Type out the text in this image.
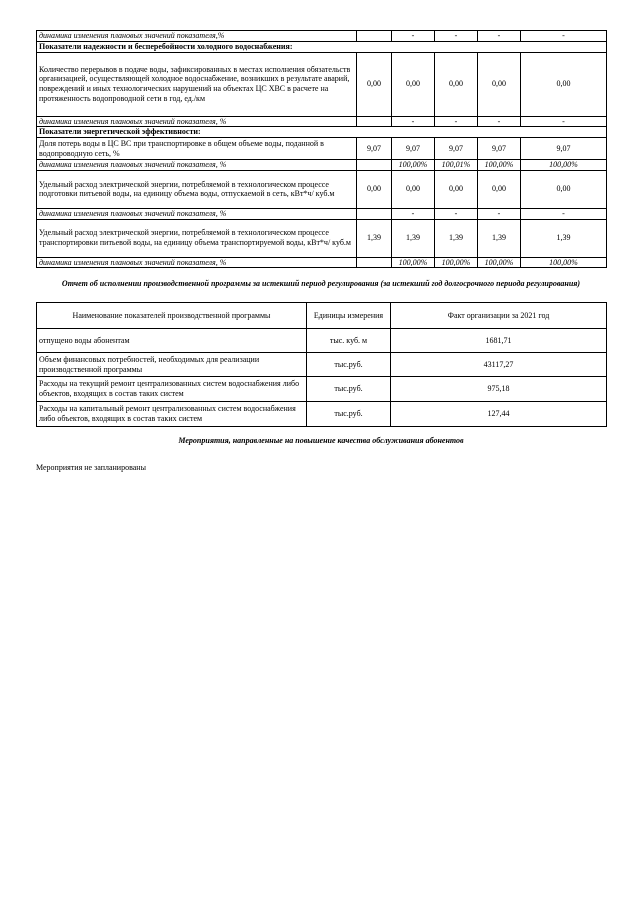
динамика изменения плановых значений показателя,%		-	-	-	-
Показатели надежности и бесперебойности холодного водоснабжения:					
Количество перерывов в подаче воды, зафиксированных в местах исполнения обязательств организацией, осуществляющей холодное водоснабжение, возникших в результате аварий, повреждений и иных технологических нарушений на объектах ЦС ХВС в расчете на протяженность водопроводной сети в год, ед./км	0,00	0,00	0,00	0,00	0,00
динамика изменения плановых значений показателя, %		-	-	-	-
Показатели энергетической эффективности:					
Доля потерь воды в ЦС ВС при транспортировке в общем объеме воды, поданной в водопроводную сеть, %	9,07	9,07	9,07	9,07	9,07
динамика изменения плановых значений показателя, %		100,00%	100,01%	100,00%	100,00%
Удельный расход электрической энергии, потребляемой в технологическом процессе подготовки питьевой воды, на единицу объема воды, отпускаемой в сеть, кВт*ч/ куб.м	0,00	0,00	0,00	0,00	0,00
динамика изменения плановых значений показателя, %		-	-	-	-
Удельный расход электрической энергии, потребляемой в технологическом процессе транспортировки питьевой воды, на единицу объема транспортируемой воды, кВт*ч/ куб.м	1,39	1,39	1,39	1,39	1,39
динамика изменения плановых значений показателя, %		100,00%	100,00%	100,00%	100,00%
Отчет об исполнении производственной программы за истекший период регулирования (за истекший год долгосрочного периода регулирования)
Наименование показателей производственной программы	Единицы измерения	Факт организации за 2021 год
отпущено воды абонентам	тыс. куб. м	1681,71
Объем финансовых потребностей, необходимых для реализации производственной программы	тыс.руб.	43117,27
Расходы на текущий ремонт централизованных систем водоснабжения либо объектов, входящих в состав таких систем	тыс.руб.	975,18
Расходы на капитальный ремонт централизованных систем водоснабжения либо объектов, входящих в состав таких систем	тыс.руб.	127,44
Мероприятия, направленные на повышение качества обслуживания абонентов
Мероприятия не запланированы
